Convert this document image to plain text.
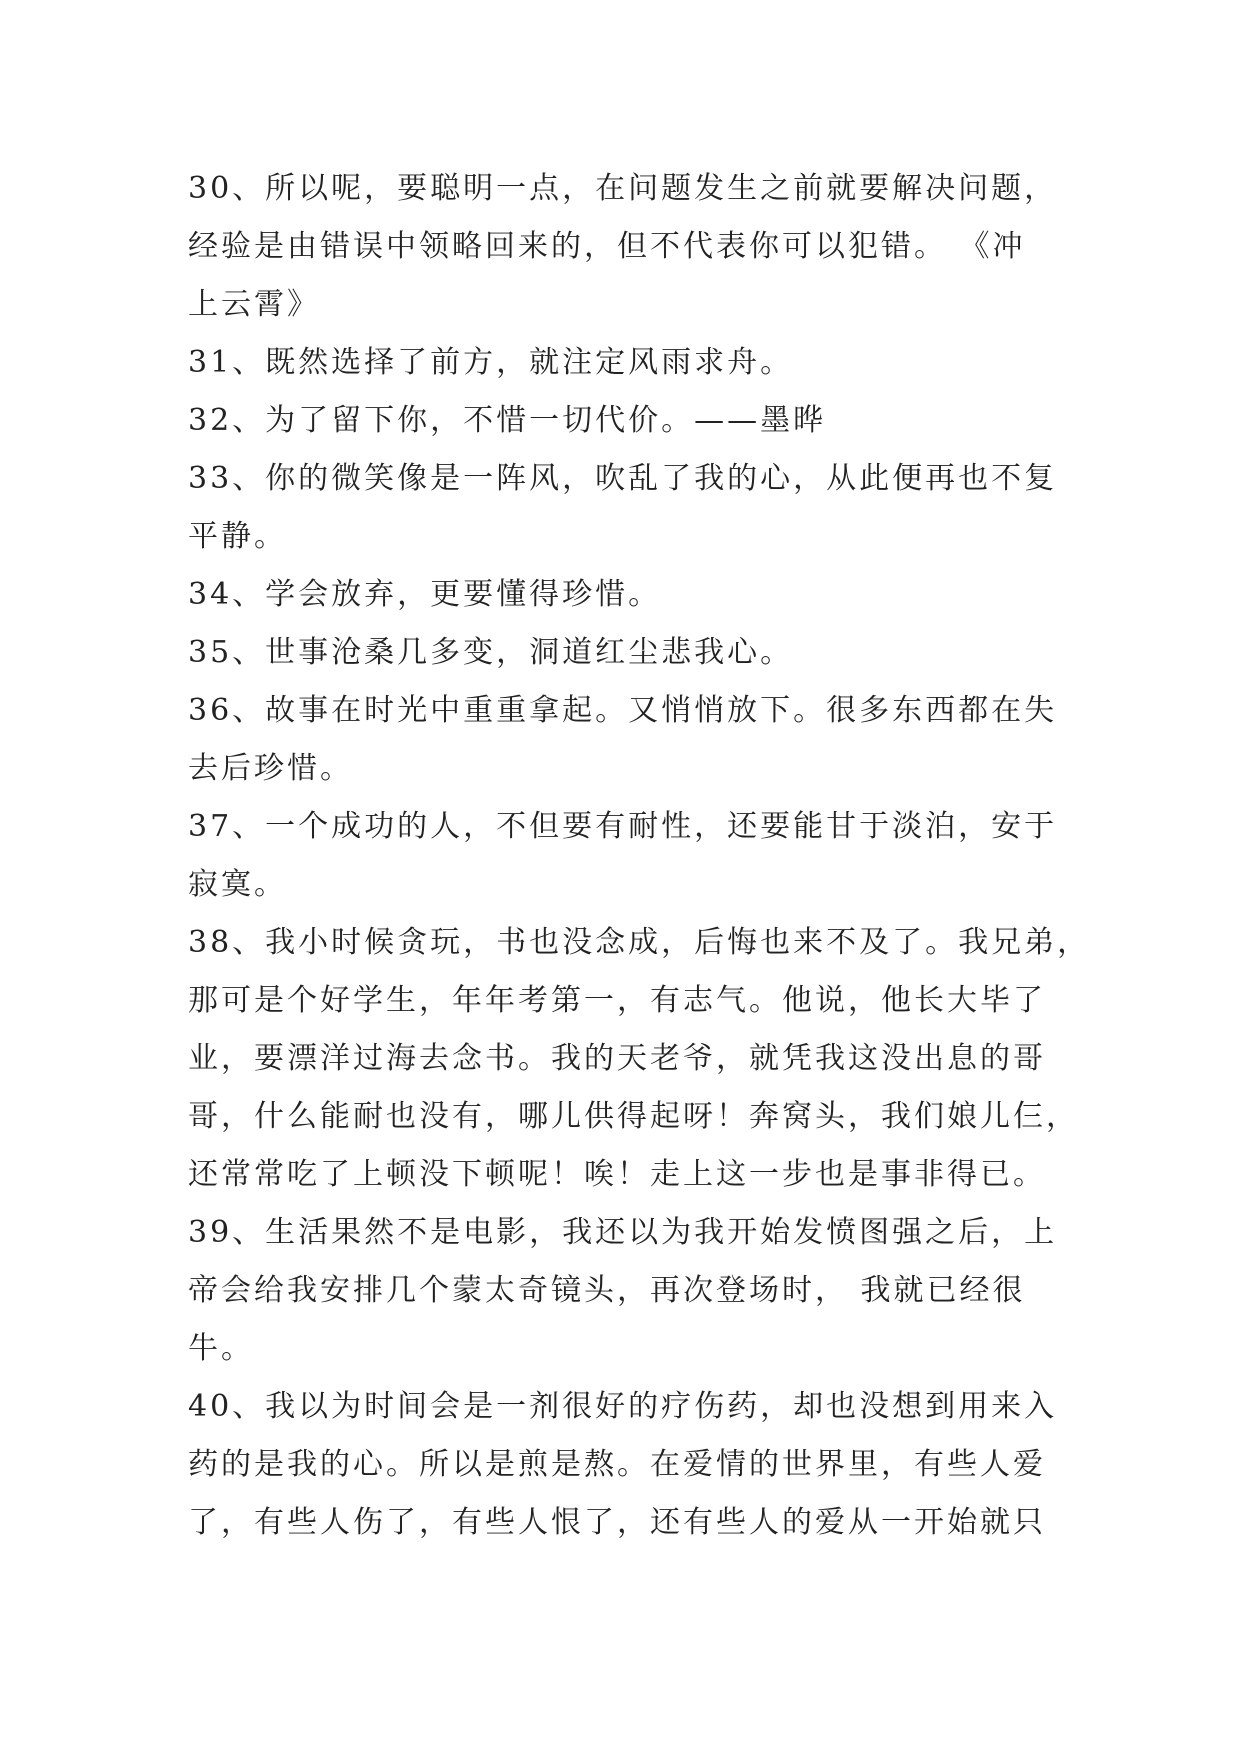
30、所以呢，要聪明一点，在问题发生之前就要解决问题，
经验是由错误中领略回来的，但不代表你可以犯错。 《冲
上云霄》
31、既然选择了前方，就注定风雨求舟。
32、为了留下你，不惜一切代价。——墨晔
33、你的微笑像是一阵风，吹乱了我的心，从此便再也不复
平静。
34、学会放弃，更要懂得珍惜。
35、世事沧桑几多变，洞道红尘悲我心。
36、故事在时光中重重拿起。又悄悄放下。很多东西都在失
去后珍惜。
37、一个成功的人，不但要有耐性，还要能甘于淡泊，安于
寂寞。
38、我小时候贪玩，书也没念成，后悔也来不及了。我兄弟，
那可是个好学生，年年考第一，有志气。他说，他长大毕了
业，要漂洋过海去念书。我的天老爷，就凭我这没出息的哥
哥，什么能耐也没有，哪儿供得起呀！奔窝头，我们娘儿仨，
还常常吃了上顿没下顿呢！唉！走上这一步也是事非得已。
39、生活果然不是电影，我还以为我开始发愤图强之后，上
帝会给我安排几个蒙太奇镜头，再次登场时， 我就已经很
牛。
40、我以为时间会是一剂很好的疗伤药，却也没想到用来入
药的是我的心。所以是煎是熬。在爱情的世界里，有些人爱
了，有些人伤了，有些人恨了，还有些人的爱从一开始就只
